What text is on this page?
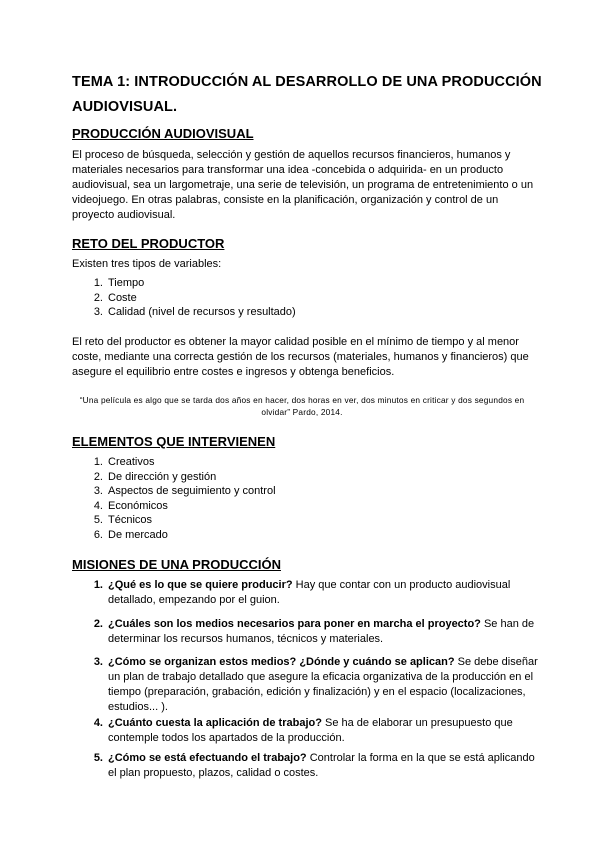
TEMA 1: INTRODUCCIÓN AL DESARROLLO DE UNA PRODUCCIÓN AUDIOVISUAL.
PRODUCCIÓN AUDIOVISUAL
El proceso de búsqueda, selección y gestión de aquellos recursos financieros, humanos y materiales necesarios para transformar una idea -concebida o adquirida- en un producto audiovisual, sea un largometraje, una serie de televisión, un programa de entretenimiento o un videojuego. En otras palabras, consiste en la planificación, organización y control de un proyecto audiovisual.
RETO DEL PRODUCTOR
Existen tres tipos de variables:
1. Tiempo
2. Coste
3. Calidad (nivel de recursos y resultado)
El reto del productor es obtener la mayor calidad posible en el mínimo de tiempo y al menor coste, mediante una correcta gestión de los recursos (materiales, humanos y financieros) que asegure el equilibrio entre costes e ingresos y obtenga beneficios.
“Una película es algo que se tarda dos años en hacer, dos horas en ver, dos minutos en criticar y dos segundos en olvidar” Pardo, 2014.
ELEMENTOS QUE INTERVIENEN
1. Creativos
2. De dirección y gestión
3. Aspectos de seguimiento y control
4. Económicos
5. Técnicos
6. De mercado
MISIONES DE UNA PRODUCCIÓN
1. ¿Qué es lo que se quiere producir? Hay que contar con un producto audiovisual detallado, empezando por el guion.
2. ¿Cuáles son los medios necesarios para poner en marcha el proyecto? Se han de determinar los recursos humanos, técnicos y materiales.
3. ¿Cómo se organizan estos medios? ¿Dónde y cuándo se aplican? Se debe diseñar un plan de trabajo detallado que asegure la eficacia organizativa de la producción en el tiempo (preparación, grabación, edición y finalización) y en el espacio (localizaciones, estudios... ).
4. ¿Cuánto cuesta la aplicación de trabajo? Se ha de elaborar un presupuesto que contemple todos los apartados de la producción.
5. ¿Cómo se está efectuando el trabajo? Controlar la forma en la que se está aplicando el plan propuesto, plazos, calidad o costes.
